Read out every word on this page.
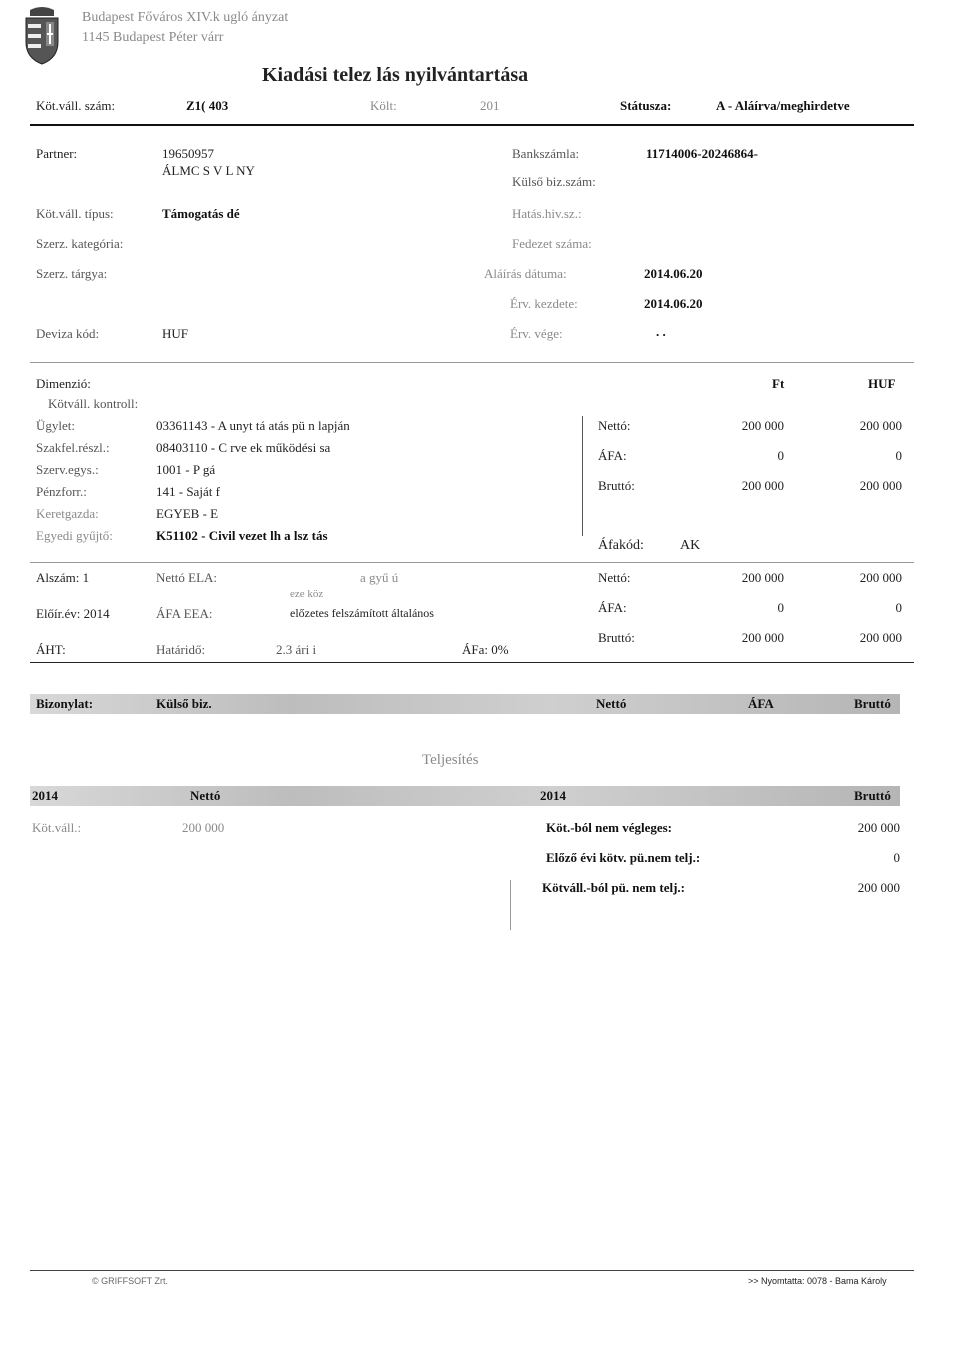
Budapest Főváros XIV.k ugló ányzat
1145 Budapest Péter várr
Kiadási telez lás nyilvántartása
Köt.váll. szám:	Z1( 403	Költ:	201	Státusza:	A - Aláírva/meghirdetve
Partner:	19650957
ÁLMC S V L NY
Bankszámla:	11714006-20246864-
Külső biz.szám:
Köt.váll. típus:	Támogatás dé	Hatás.hiv.sz.:
Szerz. kategória:	Fedezet száma:
Szerz. tárgya:	Aláírás dátuma:	2014.06.20
Érv. kezdete:	2014.06.20
Deviza kód:	HUF	Érv. vége:	. .
Dimenzió:	Ft	HUF
Kötváll. kontroll:
Ügylet:	03361143 - A unyt tá atás pü n lapján
Szakfel.részl.:	08403110 - C rve ek működési sa
Szerv.egys.:	1001 - P gá
Pénzforr.:	141 - Saját f
Keretgazda:	EGYEB - E
Egyedi gyűjtő:	K51102 - Civil vezet lh a lsz tás
Nettó:	200 000	200 000
ÁFA:	0	0
Bruttó:	200 000	200 000
Áfakód:	AK
Alszám: 1	Nettó ELA:	a gyű ú
eze köz
Előír.év: 2014	ÁFA EEA:	előzetes felszámított általános
ÁHT:	Határidő:	2.3 ári i	ÁFa: 0%
Nettó:	200 000	200 000
ÁFA:	0	0
Bruttó:	200 000	200 000
Bizonylat:	Külső biz.	Nettó	ÁFA	Bruttó
Teljesítés
2014	Nettó	2014	Bruttó
Köt.váll.:	200 000	Köt.-ból nem végleges:	200 000
Előző évi kötv. pü.nem telj.:	0
Kötváll.-ból pü. nem telj.:	200 000
© GRIFFSOFT Zrt.	>> Nyomtatta: 0078 - Bama Károly
